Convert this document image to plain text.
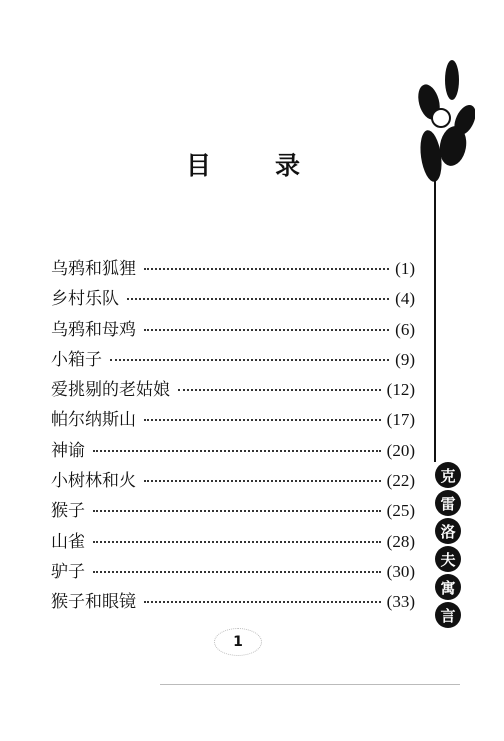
目	录
乌鸦和狐狸	(1)
乡村乐队	(4)
乌鸦和母鸡	(6)
小箱子	(9)
爱挑剔的老姑娘	(12)
帕尔纳斯山	(17)
神谕	(20)
小树林和火	(22)
猴子	(25)
山雀	(28)
驴子	(30)
猴子和眼镜	(33)
克
雷
洛
夫
寓
言
1
